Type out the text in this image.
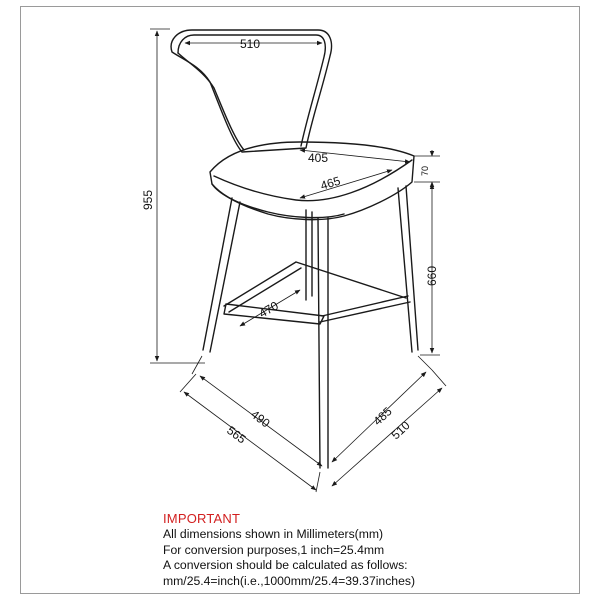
510
955
405
465
70
660
470
490
565
485
510
IMPORTANT
All dimensions shown in Millimeters(mm)
For conversion purposes,1 inch=25.4mm
A conversion should be calculated as follows:
mm/25.4=inch(i.e.,1000mm/25.4=39.37inches)
